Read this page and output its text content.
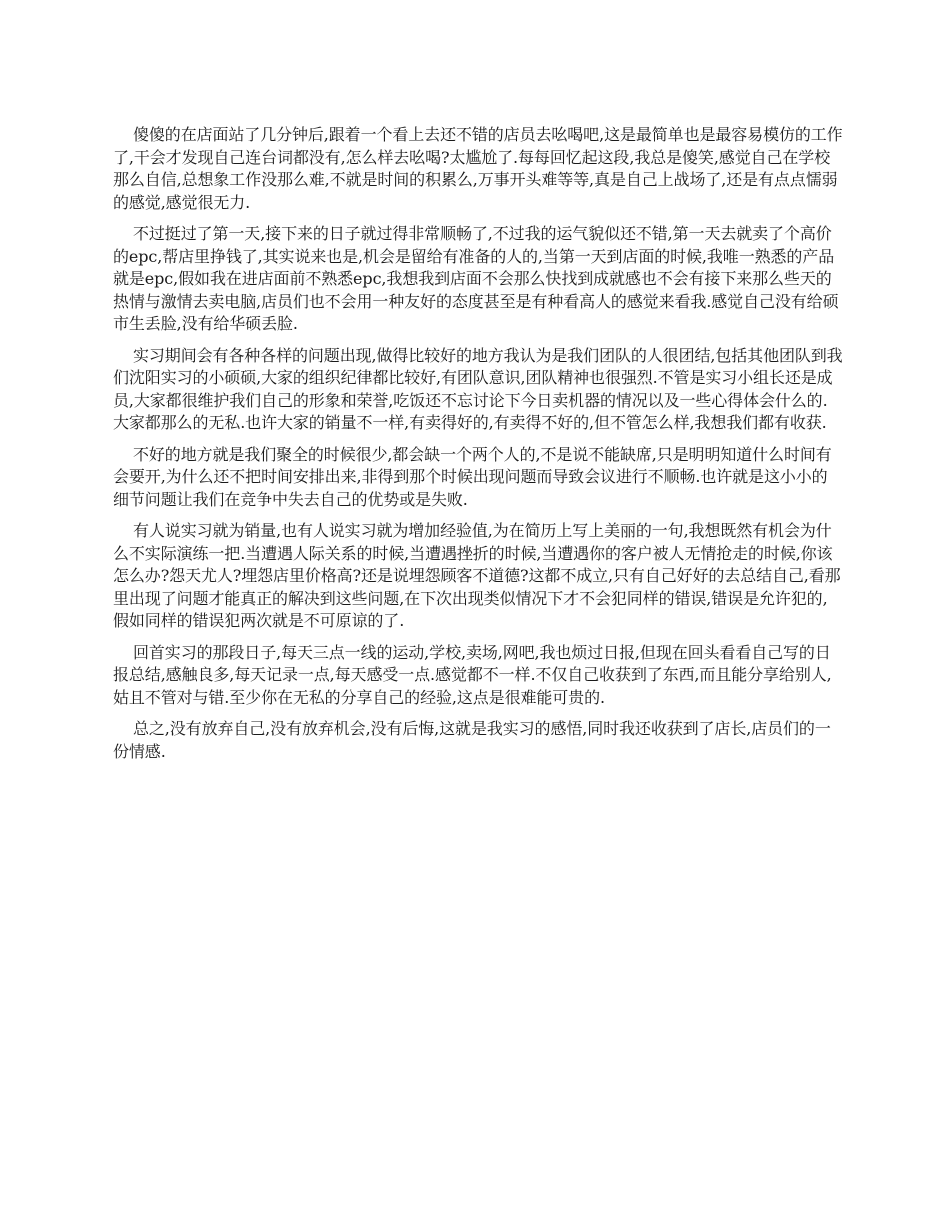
傻傻的在店面站了几分钟后,跟着一个看上去还不错的店员去吆喝吧,这是最简单也是最容易模仿的工作了,干会才发现自己连台词都没有,怎么样去吆喝?太尴尬了.每每回忆起这段,我总是傻笑,感觉自己在学校那么自信,总想象工作没那么难,不就是时间的积累么,万事开头难等等,真是自己上战场了,还是有点点懦弱的感觉,感觉很无力.

不过挺过了第一天,接下来的日子就过得非常顺畅了,不过我的运气貌似还不错,第一天去就卖了个高价的epc,帮店里挣钱了,其实说来也是,机会是留给有准备的人的,当第一天到店面的时候,我唯一熟悉的产品就是epc,假如我在进店面前不熟悉epc,我想我到店面不会那么快找到成就感也不会有接下来那么些天的热情与激情去卖电脑,店员们也不会用一种友好的态度甚至是有种看高人的感觉来看我.感觉自己没有给硕市生丢脸,没有给华硕丢脸.

实习期间会有各种各样的问题出现,做得比较好的地方我认为是我们团队的人很团结,包括其他团队到我们沈阳实习的小硕硕,大家的组织纪律都比较好,有团队意识,团队精神也很强烈.不管是实习小组长还是成员,大家都很维护我们自己的形象和荣誉,吃饭还不忘讨论下今日卖机器的情况以及一些心得体会什么的.大家都那么的无私.也许大家的销量不一样,有卖得好的,有卖得不好的,但不管怎么样,我想我们都有收获.

不好的地方就是我们聚全的时候很少,都会缺一个两个人的,不是说不能缺席,只是明明知道什么时间有会要开,为什么还不把时间安排出来,非得到那个时候出现问题而导致会议进行不顺畅.也许就是这小小的细节问题让我们在竞争中失去自己的优势或是失败.

有人说实习就为销量,也有人说实习就为增加经验值,为在简历上写上美丽的一句,我想既然有机会为什么不实际演练一把.当遭遇人际关系的时候,当遭遇挫折的时候,当遭遇你的客户被人无情抢走的时候,你该怎么办?怨天尤人?埋怨店里价格高?还是说埋怨顾客不道德?这都不成立,只有自己好好的去总结自己,看那里出现了问题才能真正的解决到这些问题,在下次出现类似情况下才不会犯同样的错误,错误是允许犯的,假如同样的错误犯两次就是不可原谅的了.

回首实习的那段日子,每天三点一线的运动,学校,卖场,网吧,我也烦过日报,但现在回头看看自己写的日报总结,感触良多,每天记录一点,每天感受一点.感觉都不一样.不仅自己收获到了东西,而且能分享给别人,姑且不管对与错.至少你在无私的分享自己的经验,这点是很难能可贵的.

总之,没有放弃自己,没有放弃机会,没有后悔,这就是我实习的感悟,同时我还收获到了店长,店员们的一份情感.
